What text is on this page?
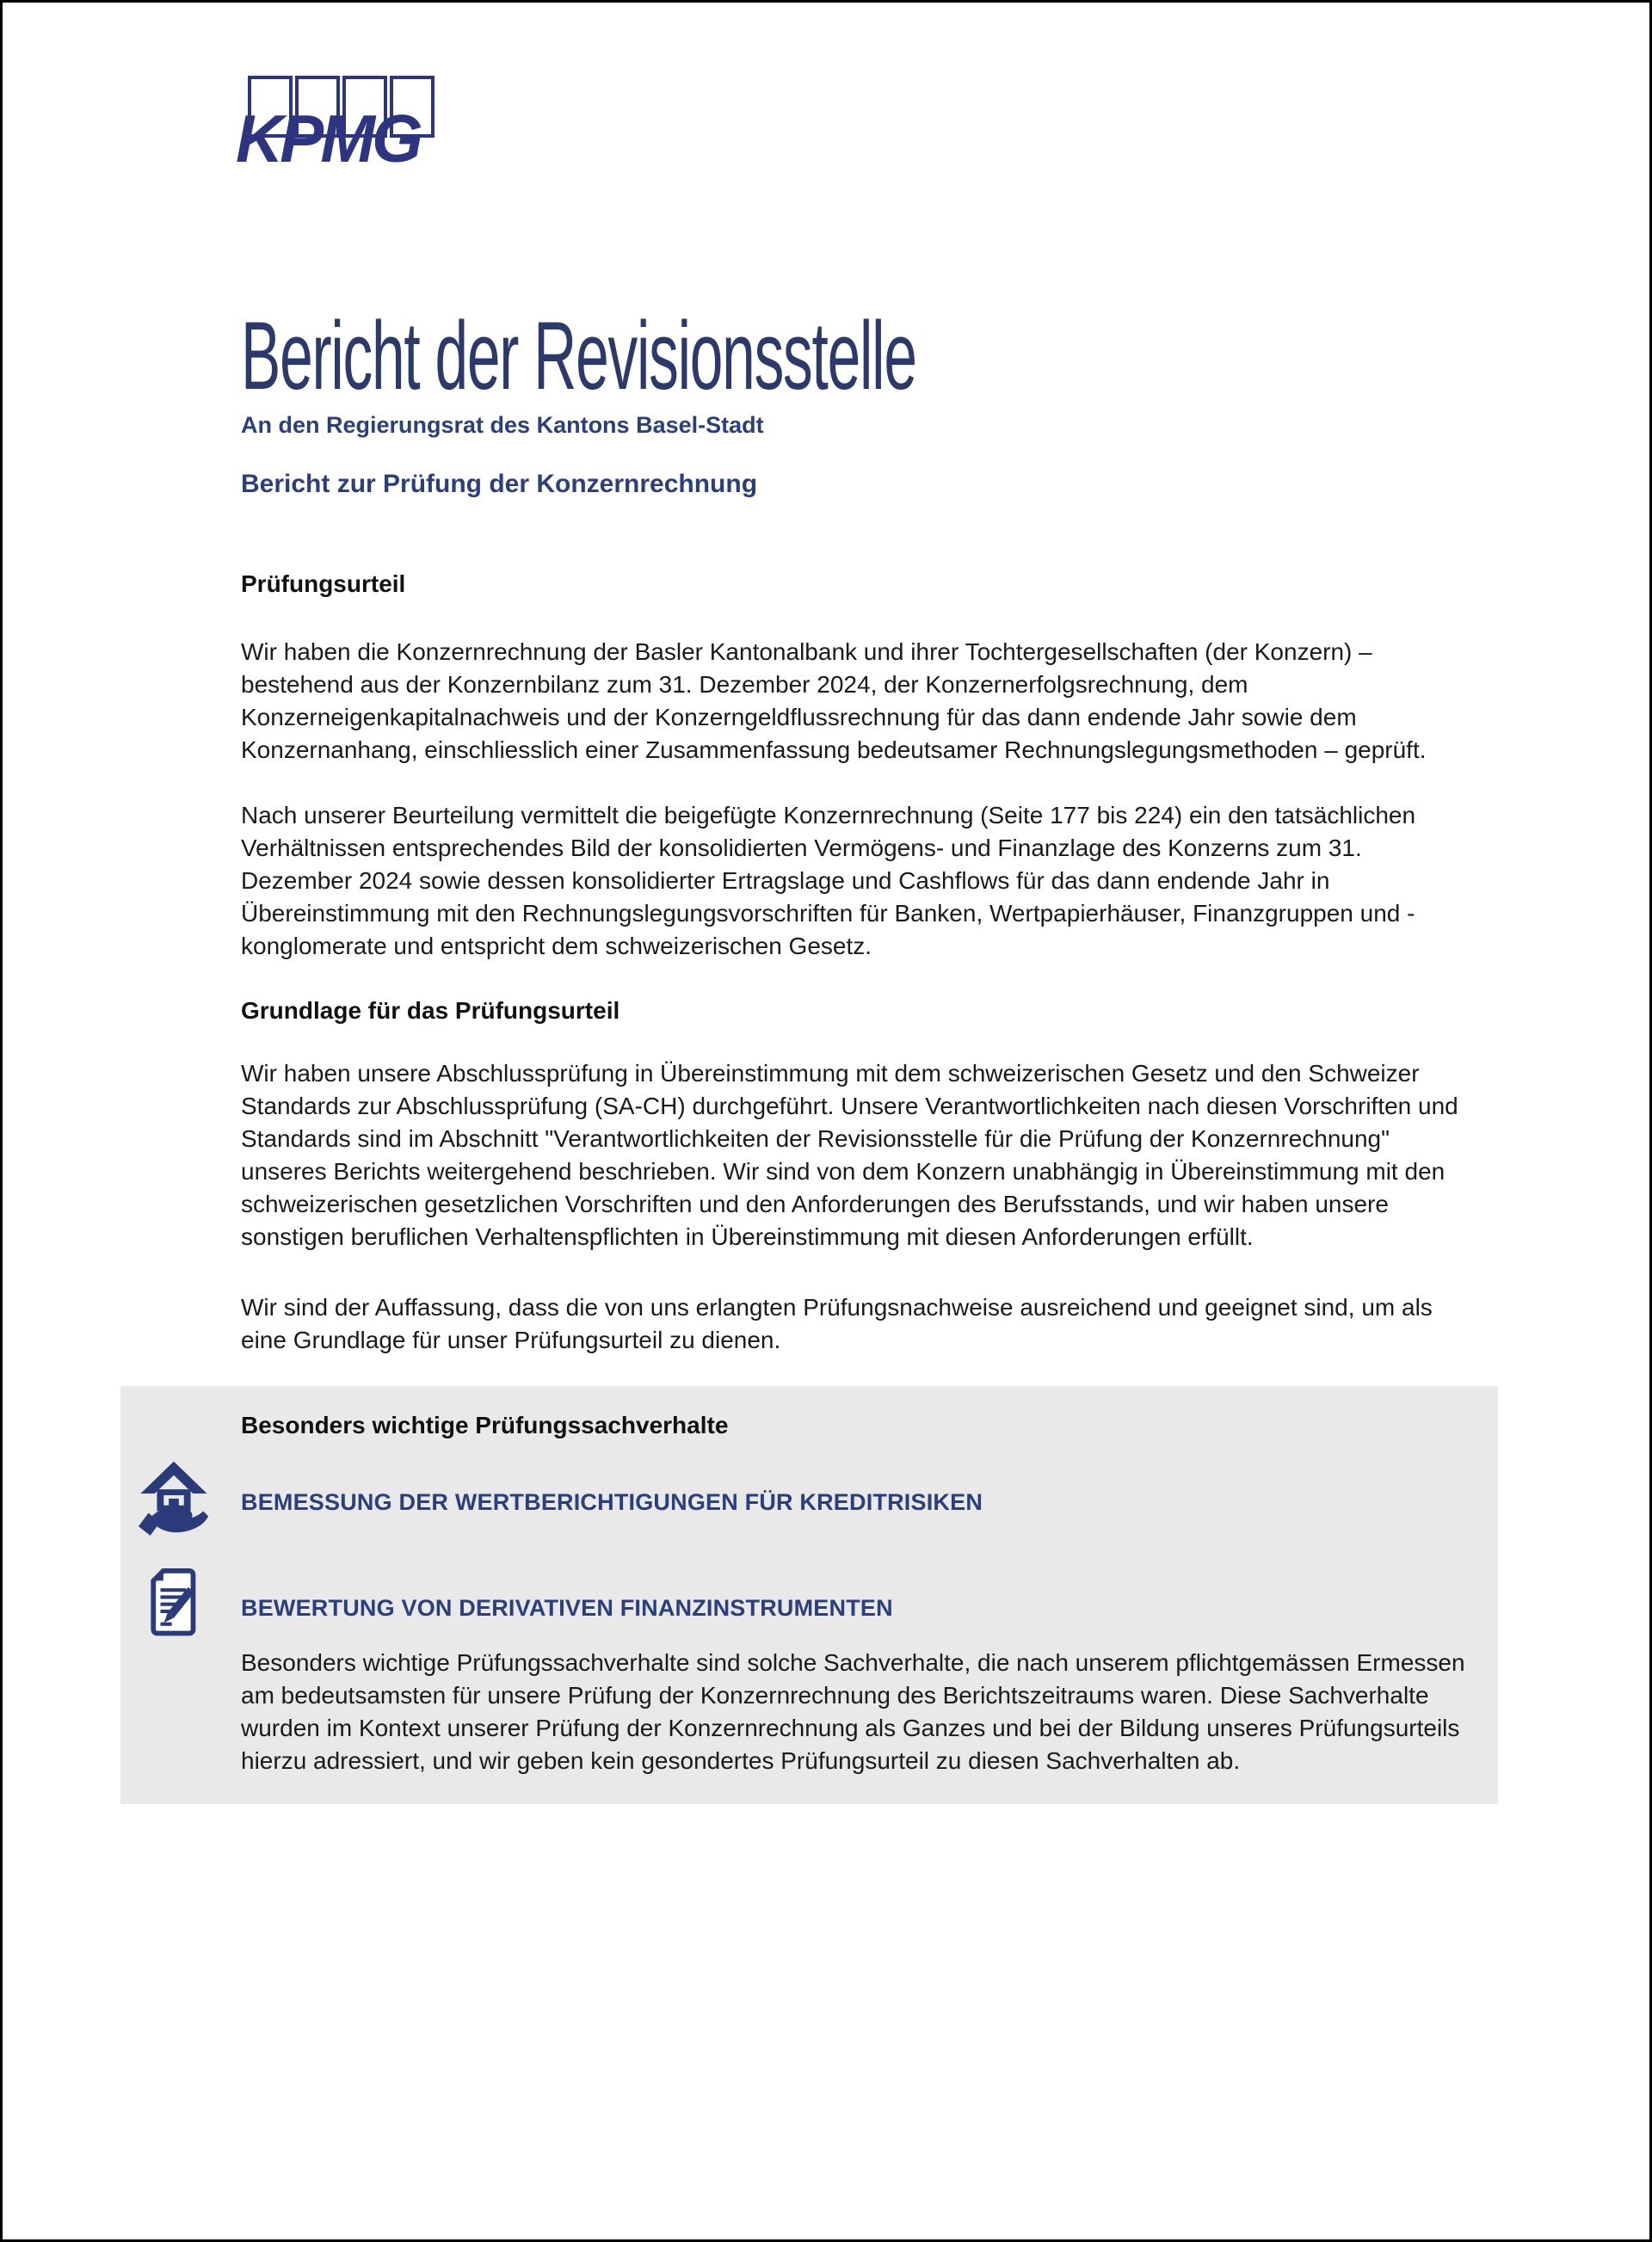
KPMG
Bericht der Revisionsstelle
An den Regierungsrat des Kantons Basel-Stadt
Bericht zur Prüfung der Konzernrechnung
Prüfungsurteil
Wir haben die Konzernrechnung der Basler Kantonalbank und ihrer Tochtergesellschaften (der Konzern) – bestehend aus der Konzernbilanz zum 31. Dezember 2024, der Konzernerfolgsrechnung, dem Konzerneigenkapitalnachweis und der Konzerngeldflussrechnung für das dann endende Jahr sowie dem Konzernanhang, einschliesslich einer Zusammenfassung bedeutsamer Rechnungslegungsmethoden – geprüft.
Nach unserer Beurteilung vermittelt die beigefügte Konzernrechnung (Seite 177 bis 224) ein den tatsächlichen Verhältnissen entsprechendes Bild der konsolidierten Vermögens- und Finanzlage des Konzerns zum 31. Dezember 2024 sowie dessen konsolidierter Ertragslage und Cashflows für das dann endende Jahr in Übereinstimmung mit den Rechnungslegungsvorschriften für Banken, Wertpapierhäuser, Finanzgruppen und - konglomerate und entspricht dem schweizerischen Gesetz.
Grundlage für das Prüfungsurteil
Wir haben unsere Abschlussprüfung in Übereinstimmung mit dem schweizerischen Gesetz und den Schweizer Standards zur Abschlussprüfung (SA-CH) durchgeführt. Unsere Verantwortlichkeiten nach diesen Vorschriften und Standards sind im Abschnitt "Verantwortlichkeiten der Revisionsstelle für die Prüfung der Konzernrechnung" unseres Berichts weitergehend beschrieben. Wir sind von dem Konzern unabhängig in Übereinstimmung mit den schweizerischen gesetzlichen Vorschriften und den Anforderungen des Berufsstands, und wir haben unsere sonstigen beruflichen Verhaltenspflichten in Übereinstimmung mit diesen Anforderungen erfüllt.
Wir sind der Auffassung, dass die von uns erlangten Prüfungsnachweise ausreichend und geeignet sind, um als eine Grundlage für unser Prüfungsurteil zu dienen.
Besonders wichtige Prüfungssachverhalte
BEMESSUNG DER WERTBERICHTIGUNGEN FÜR KREDITRISIKEN
BEWERTUNG VON DERIVATIVEN FINANZINSTRUMENTEN
Besonders wichtige Prüfungssachverhalte sind solche Sachverhalte, die nach unserem pflichtgemässen Ermessen am bedeutsamsten für unsere Prüfung der Konzernrechnung des Berichtszeitraums waren. Diese Sachverhalte wurden im Kontext unserer Prüfung der Konzernrechnung als Ganzes und bei der Bildung unseres Prüfungsurteils hierzu adressiert, und wir geben kein gesondertes Prüfungsurteil zu diesen Sachverhalten ab.
